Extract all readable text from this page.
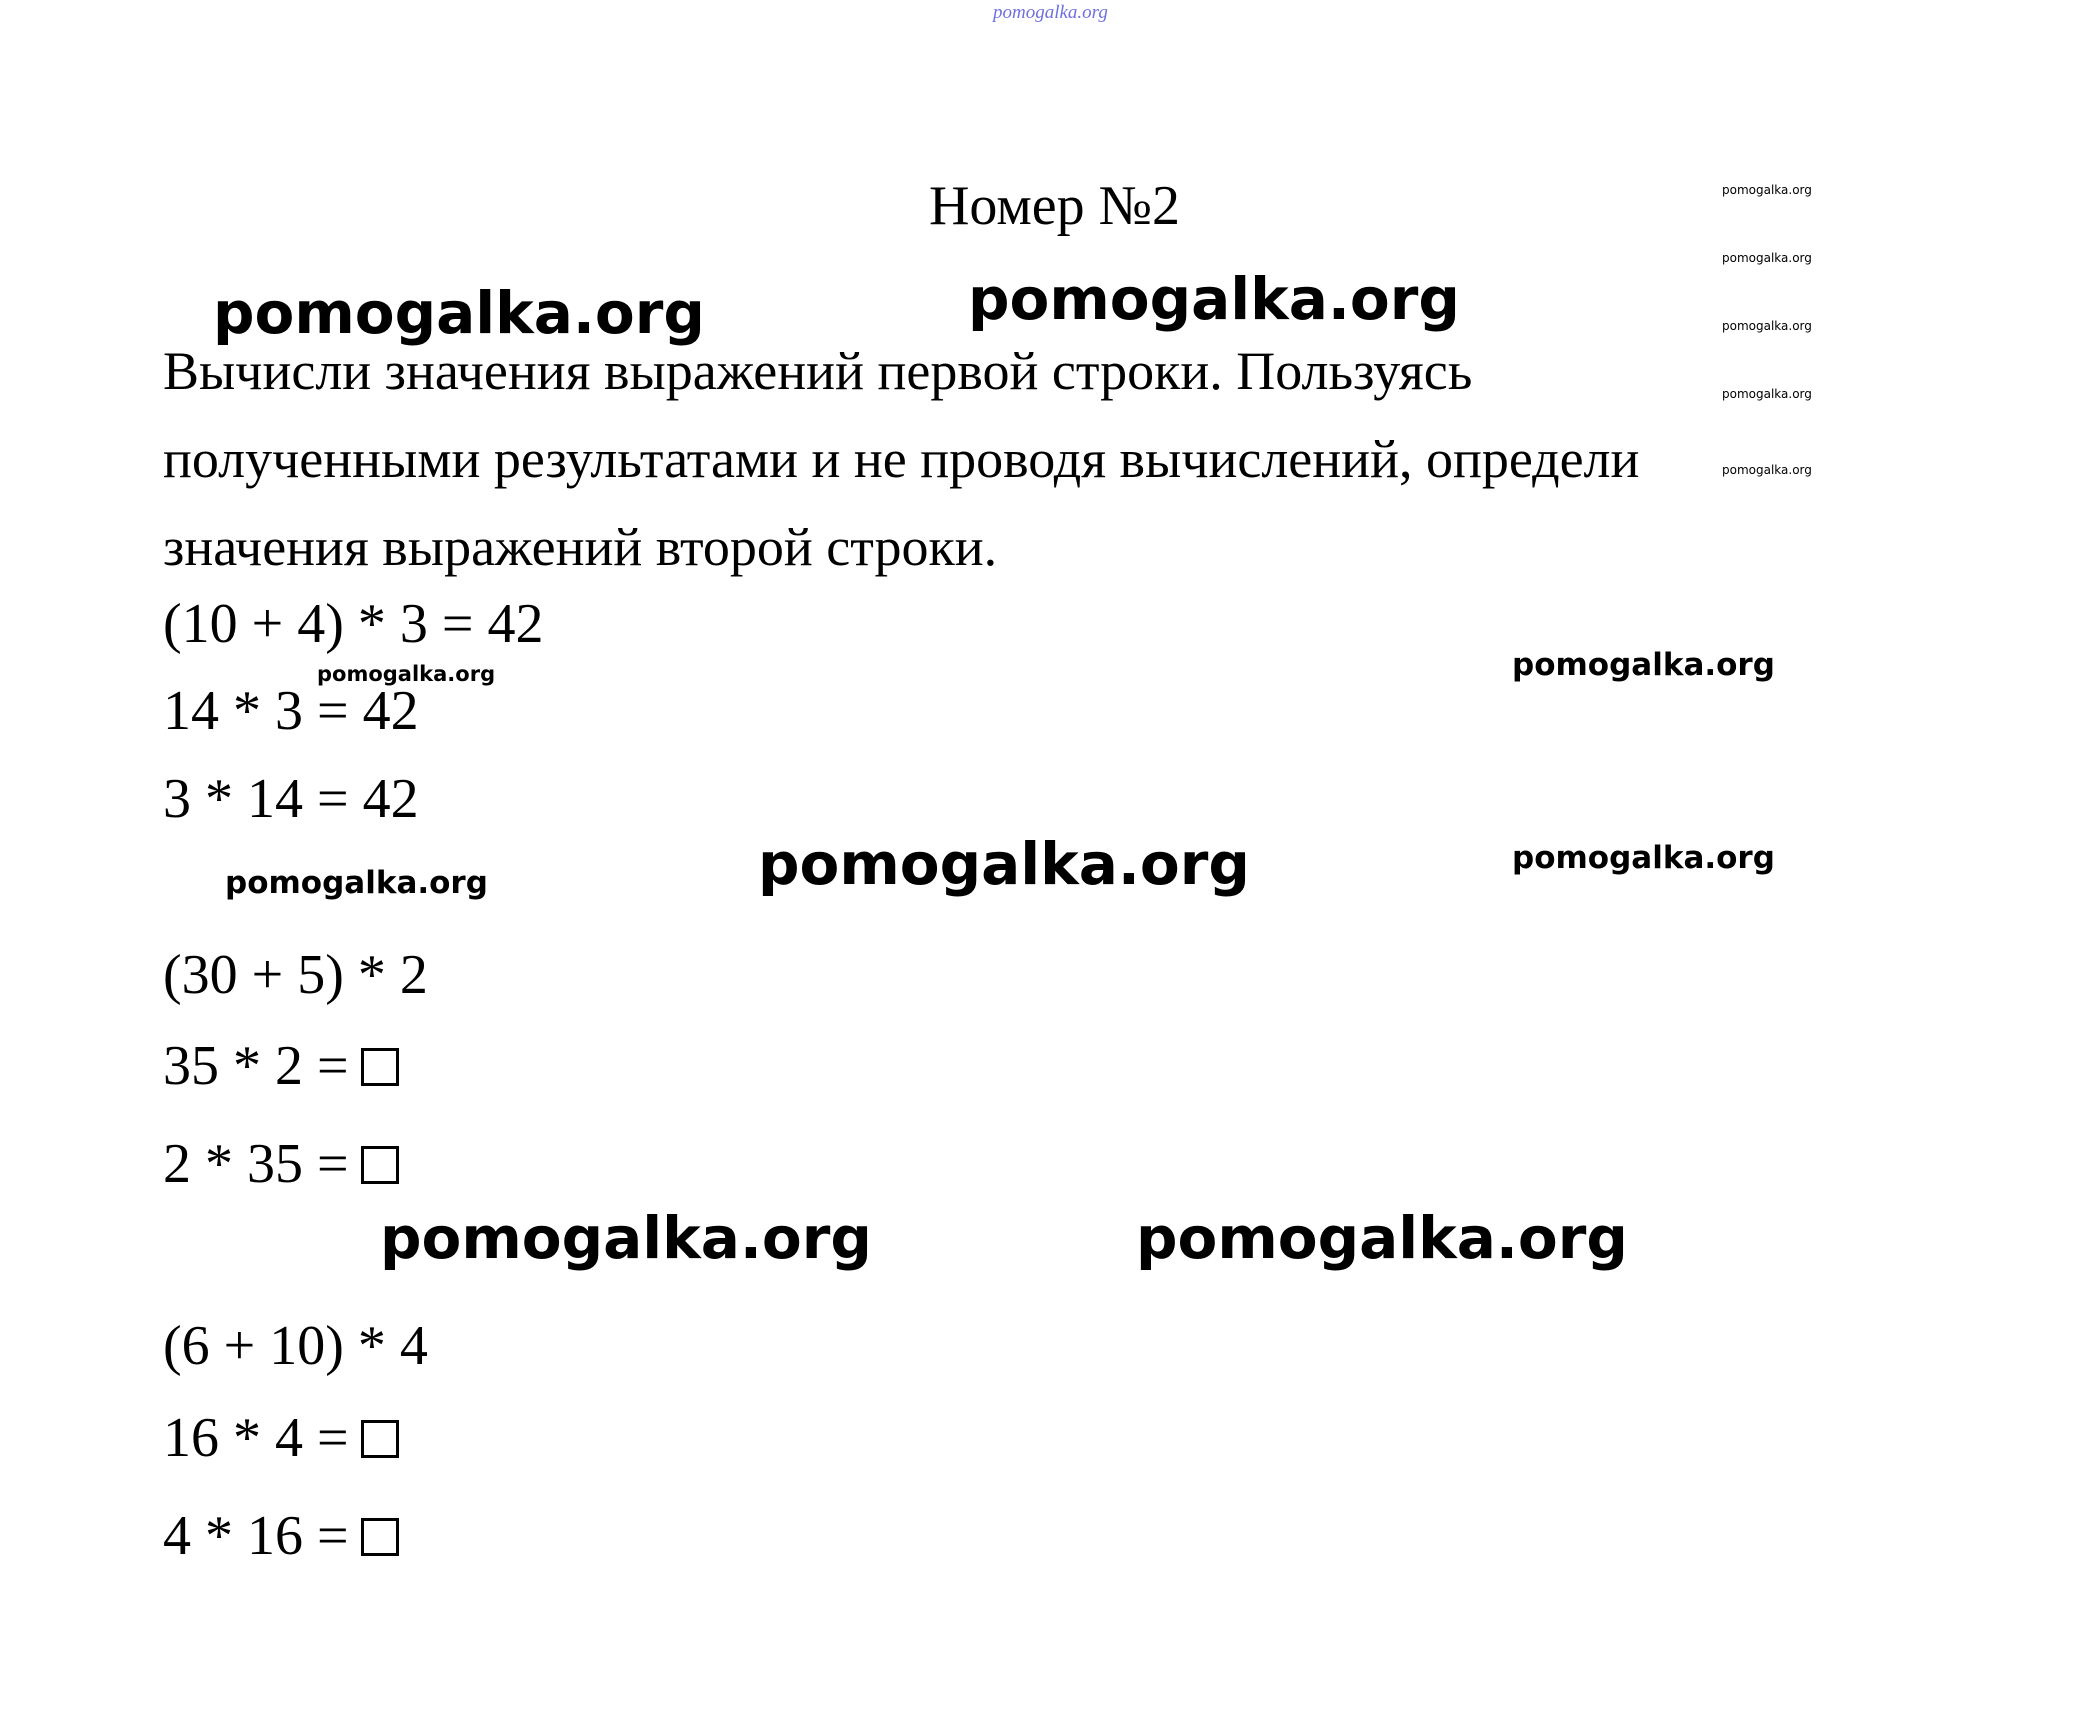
pomogalka.org
Номер №2	pomogalka.org
pomogalka.org
pomogalka.org
pomogalka.org

Вычисли значения выражений первой строки. Пользуясь
полученными результатами и не проводя вычислений, определи
значения выражений второй строки.

pomogalka.org
pomogalka.org	pomogalka.org
(10 + 4) * 3 = 42
14 * 3 = 42
3 * 14 = 42
pomogalka.org	pomogalka.org
pomogalka.org	pomogalka.org
pomogalka.org
(30 + 5) * 2
35 * 2 =
2 * 35 =
pomogalka.org	pomogalka.org
(6 + 10) * 4
16 * 4 =
4 * 16 =
